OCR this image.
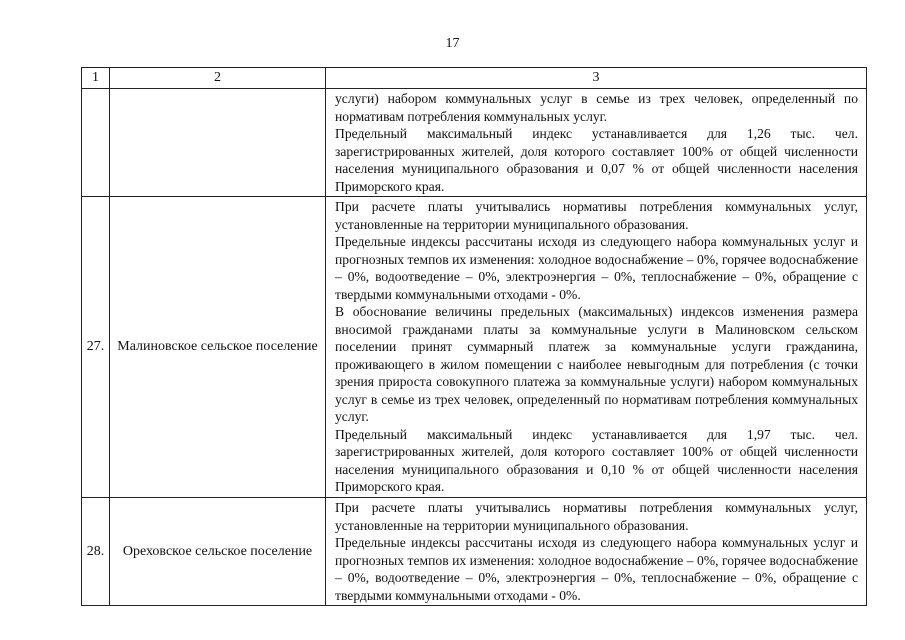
17
1	2	3

		услуги) набором коммунальных услуг в семье из трех человек, определенный по нормативам потребления коммунальных услуг.

Предельный максимальный индекс устанавливается для 1,26 тыс. чел. зарегистрированных жителей, доля которого составляет 100% от общей численности населения муниципального образования и 0,07 % от общей численности населения Приморского края.

27.	Малиновское сельское поселение	При расчете платы учитывались нормативы потребления коммунальных услуг, установленные на территории муниципального образования.

Предельные индексы рассчитаны исходя из следующего набора коммунальных услуг и прогнозных темпов их изменения: холодное водоснабжение – 0%, горячее водоснабжение – 0%, водоотведение – 0%, электроэнергия – 0%, теплоснабжение – 0%, обращение с твердыми коммунальными отходами - 0%.

В обоснование величины предельных (максимальных) индексов изменения размера вносимой гражданами платы за коммунальные услуги в Малиновском сельском поселении принят суммарный платеж за коммунальные услуги гражданина, проживающего в жилом помещении с наиболее невыгодным для потребления (с точки зрения прироста совокупного платежа за коммунальные услуги) набором коммунальных услуг в семье из трех человек, определенный по нормативам потребления коммунальных услуг.

Предельный максимальный индекс устанавливается для 1,97 тыс. чел. зарегистрированных жителей, доля которого составляет 100% от общей численности населения муниципального образования и 0,10 % от общей численности населения Приморского края.

28.	Ореховское сельское поселение	При расчете платы учитывались нормативы потребления коммунальных услуг, установленные на территории муниципального образования.

Предельные индексы рассчитаны исходя из следующего набора коммунальных услуг и прогнозных темпов их изменения: холодное водоснабжение – 0%, горячее водоснабжение – 0%, водоотведение – 0%, электроэнергия – 0%, теплоснабжение – 0%, обращение с твердыми коммунальными отходами - 0%.
